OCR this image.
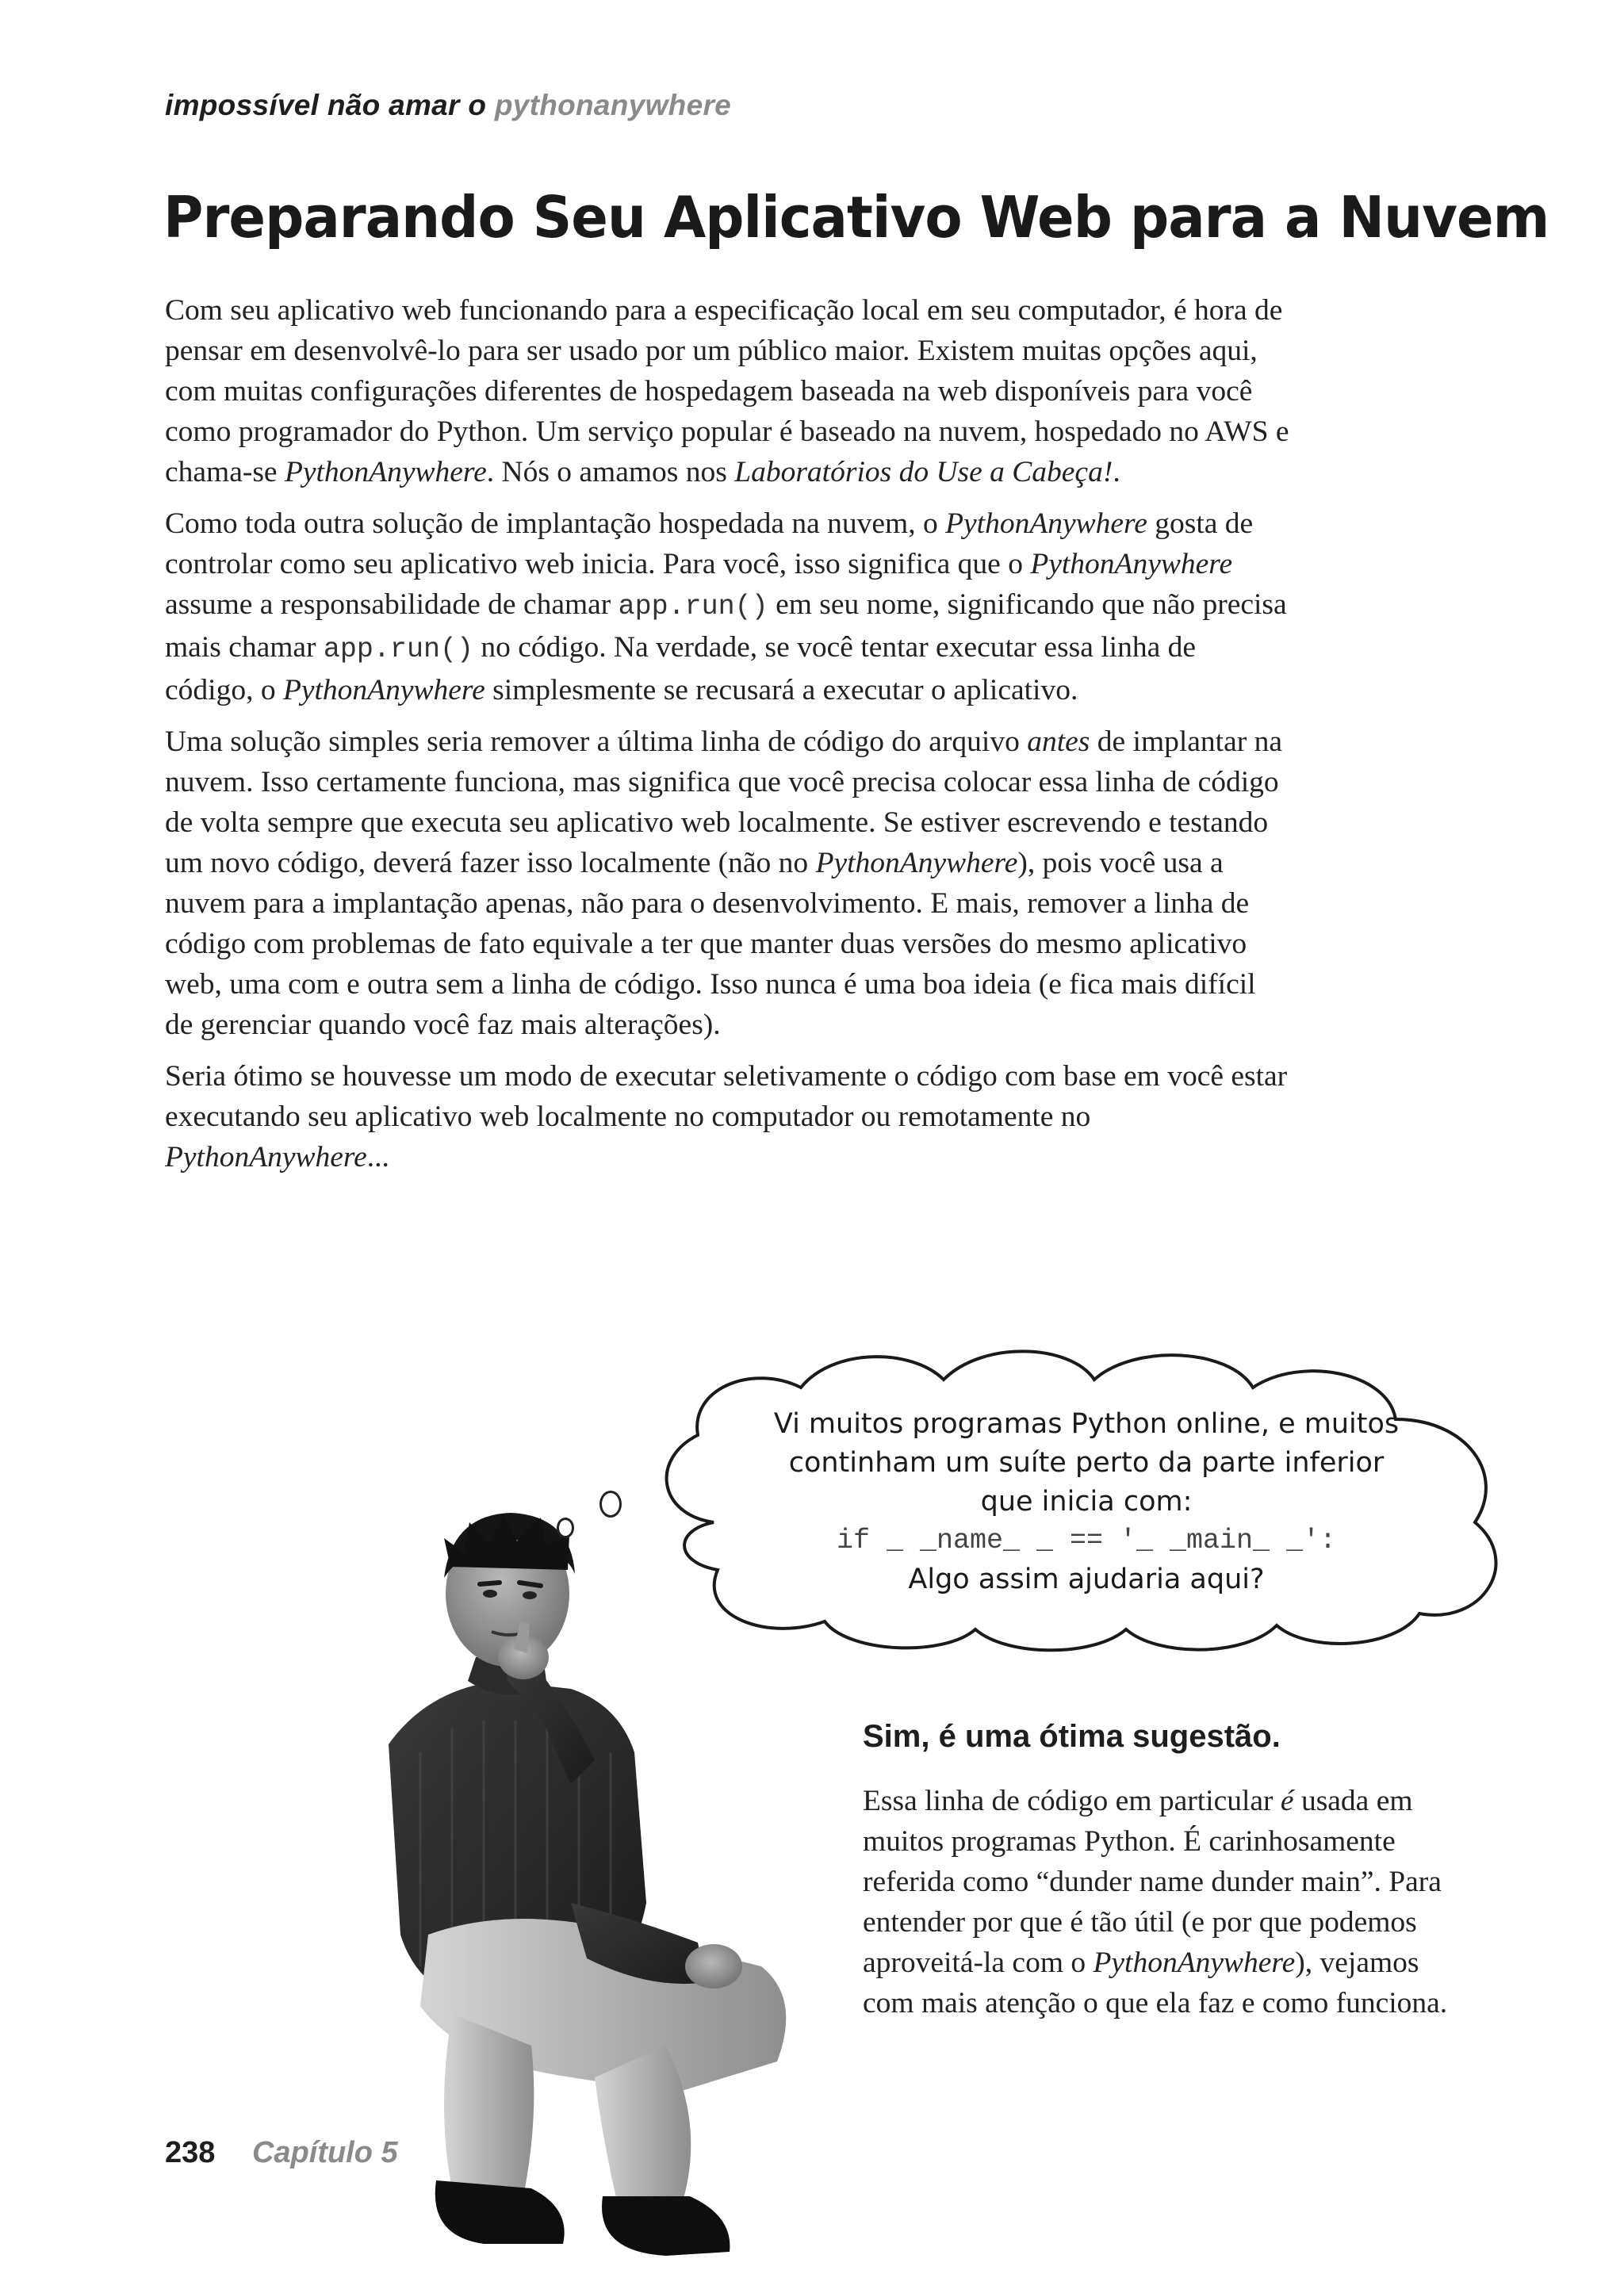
impossível não amar o pythonanywhere
Preparando Seu Aplicativo Web para a Nuvem

Com seu aplicativo web funcionando para a especificação local em seu computador, é hora de pensar em desenvolvê-lo para ser usado por um público maior. Existem muitas opções aqui, com muitas configurações diferentes de hospedagem baseada na web disponíveis para você como programador do Python. Um serviço popular é baseado na nuvem, hospedado no AWS e chama-se PythonAnywhere. Nós o amamos nos Laboratórios do Use a Cabeça!.

Como toda outra solução de implantação hospedada na nuvem, o PythonAnywhere gosta de controlar como seu aplicativo web inicia. Para você, isso significa que o PythonAnywhere assume a responsabilidade de chamar app.run() em seu nome, significando que não precisa mais chamar app.run() no código. Na verdade, se você tentar executar essa linha de código, o PythonAnywhere simplesmente se recusará a executar o aplicativo.

Uma solução simples seria remover a última linha de código do arquivo antes de implantar na nuvem. Isso certamente funciona, mas significa que você precisa colocar essa linha de código de volta sempre que executa seu aplicativo web localmente. Se estiver escrevendo e testando um novo código, deverá fazer isso localmente (não no PythonAnywhere), pois você usa a nuvem para a implantação apenas, não para o desenvolvimento. E mais, remover a linha de código com problemas de fato equivale a ter que manter duas versões do mesmo aplicativo web, uma com e outra sem a linha de código. Isso nunca é uma boa ideia (e fica mais difícil de gerenciar quando você faz mais alterações).

Seria ótimo se houvesse um modo de executar seletivamente o código com base em você estar executando seu aplicativo web localmente no computador ou remotamente no PythonAnywhere...

Vi muitos programas Python online, e muitos
continham um suíte perto da parte inferior
que inicia com:
if _ _name_ _ == '_ _main_ _':
Algo assim ajudaria aqui?
Sim, é uma ótima sugestão.

Essa linha de código em particular é usada em muitos programas Python. É carinhosamente referida como “dunder name dunder main”. Para entender por que é tão útil (e por que podemos aproveitá-la com o PythonAnywhere), vejamos com mais atenção o que ela faz e como funciona.

238 Capítulo 5
